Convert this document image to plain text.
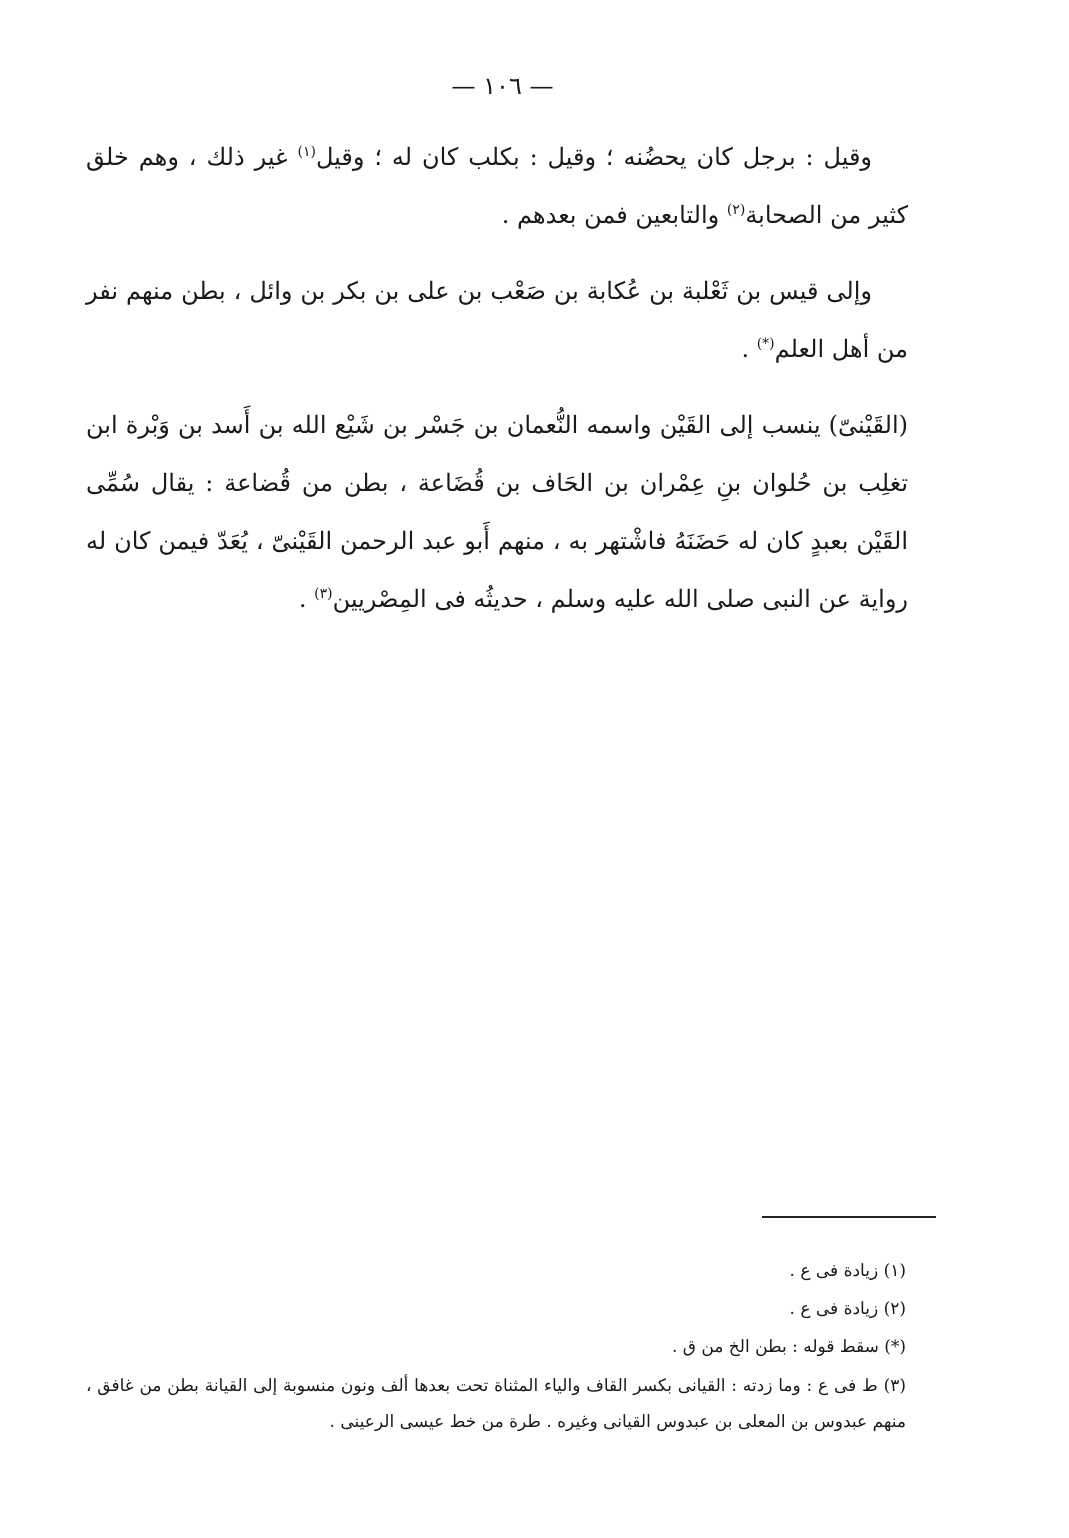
— ١٠٦ —

وقيل : برجل كان يحضُنه ؛ وقيل : بكلب كان له ؛ وقيل$^{(١)}$ غير ذلك ، وهم خلق كثير من الصحابة$^{(٢)}$ والتابعين فمن بعدهم .

وإلى قيس بن ثَعْلبة بن عُكابة بن صَعْب بن على بن بكر بن وائل ، بطن منهم نفر من أهل العلم(*) .

(القَيْنىّ) ينسب إلى القَيْن واسمه النُّعمان بن جَسْر بن شَيْع الله بن أَسد بن وَبْرة ابن تغلِب بن حُلوان بنِ عِمْران بن الحَاف بن قُضَاعة ، بطن من قُضاعة : يقال سُمِّى القَيْن بعبدٍ كان له حَضَنَهُ فاشْتهر به ، منهم أَبو عبد الرحمن القَيْنىّ ، يُعَدّ فيمن كان له رواية عن النبى صلى الله عليه وسلم ، حديثُه فى المِصْريين$^{(٣)}$ .

(١) زيادة فى ع .

(٢) زيادة فى ع .

(*) سقط قوله : بطن الخ من ق .

(٣) ط فى ع : وما زدته : القيانى بكسر القاف والياء المثناة تحت بعدها ألف ونون منسوبة إلى القيانة بطن من غافق ، منهم عبدوس بن المعلى بن عبدوس القيانى وغيره . طرة من خط عيسى الرعينى .
